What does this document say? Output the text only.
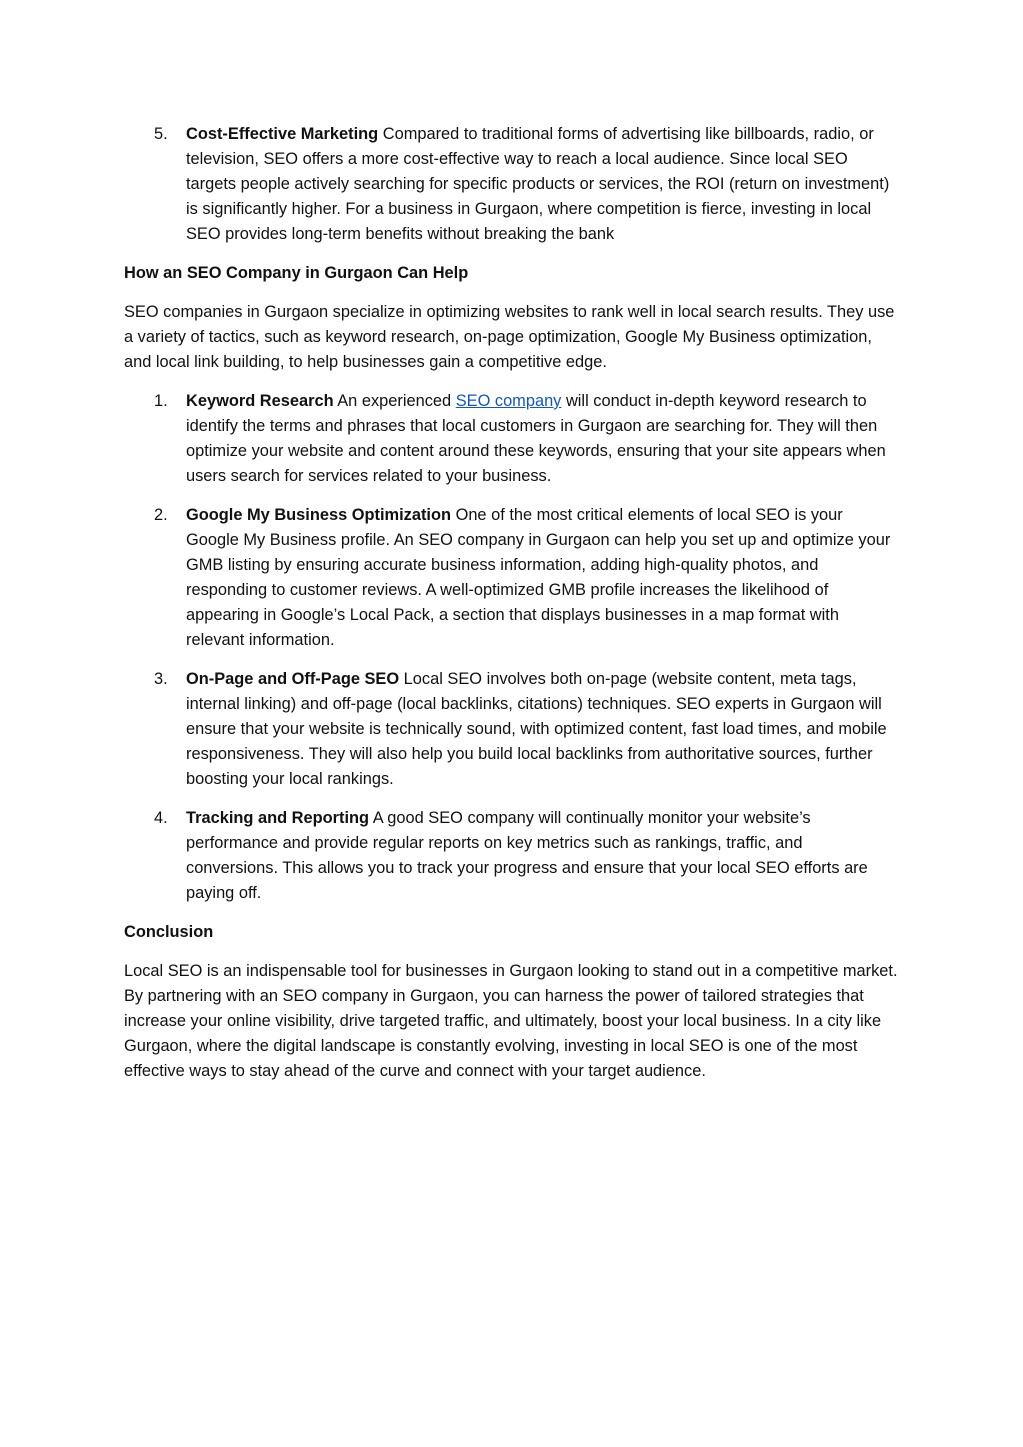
5. Cost-Effective Marketing Compared to traditional forms of advertising like billboards, radio, or television, SEO offers a more cost-effective way to reach a local audience. Since local SEO targets people actively searching for specific products or services, the ROI (return on investment) is significantly higher. For a business in Gurgaon, where competition is fierce, investing in local SEO provides long-term benefits without breaking the bank
How an SEO Company in Gurgaon Can Help

SEO companies in Gurgaon specialize in optimizing websites to rank well in local search results. They use a variety of tactics, such as keyword research, on-page optimization, Google My Business optimization, and local link building, to help businesses gain a competitive edge.

1. Keyword Research An experienced SEO company will conduct in-depth keyword research to identify the terms and phrases that local customers in Gurgaon are searching for. They will then optimize your website and content around these keywords, ensuring that your site appears when users search for services related to your business.
2. Google My Business Optimization One of the most critical elements of local SEO is your Google My Business profile. An SEO company in Gurgaon can help you set up and optimize your GMB listing by ensuring accurate business information, adding high-quality photos, and responding to customer reviews. A well-optimized GMB profile increases the likelihood of appearing in Google’s Local Pack, a section that displays businesses in a map format with relevant information.
3. On-Page and Off-Page SEO Local SEO involves both on-page (website content, meta tags, internal linking) and off-page (local backlinks, citations) techniques. SEO experts in Gurgaon will ensure that your website is technically sound, with optimized content, fast load times, and mobile responsiveness. They will also help you build local backlinks from authoritative sources, further boosting your local rankings.
4. Tracking and Reporting A good SEO company will continually monitor your website’s performance and provide regular reports on key metrics such as rankings, traffic, and conversions. This allows you to track your progress and ensure that your local SEO efforts are paying off.
Conclusion

Local SEO is an indispensable tool for businesses in Gurgaon looking to stand out in a competitive market. By partnering with an SEO company in Gurgaon, you can harness the power of tailored strategies that increase your online visibility, drive targeted traffic, and ultimately, boost your local business. In a city like Gurgaon, where the digital landscape is constantly evolving, investing in local SEO is one of the most effective ways to stay ahead of the curve and connect with your target audience.
